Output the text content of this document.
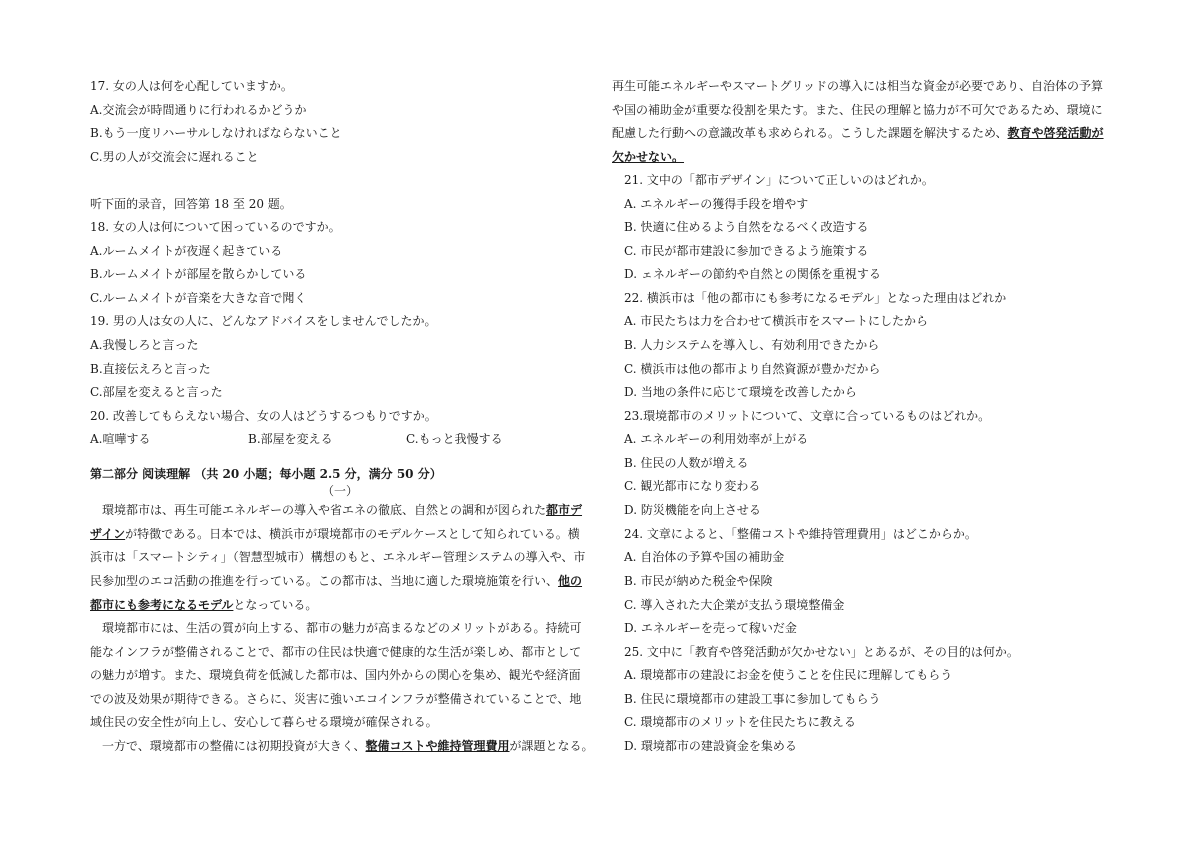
17. 女の人は何を心配していますか。
A.交流会が時間通りに行われるかどうか
B.もう一度リハーサルしなければならないこと
C.男の人が交流会に遅れること
听下面的录音，回答第 18 至 20 题。
18. 女の人は何について困っているのですか。
A.ルームメイトが夜遅く起きている
B.ルームメイトが部屋を散らかしている
C.ルームメイトが音楽を大きな音で聞く
19. 男の人は女の人に、どんなアドバイスをしませんでしたか。
A.我慢しろと言った
B.直接伝えろと言った
C.部屋を変えると言った
20. 改善してもらえない場合、女の人はどうするつもりですか。
A.喧嘩する	B.部屋を変える	C.もっと我慢する
第二部分 阅读理解 （共 20 小题；每小题 2.5 分，满分 50 分）
（一）
　環境都市は、再生可能エネルギーの導入や省エネの徹底、自然との調和が図られた都市デ
ザインが特徴である。日本では、横浜市が環境都市のモデルケースとして知られている。横
浜市は「スマートシティ」（智慧型城市）構想のもと、エネルギー管理システムの導入や、市
民参加型のエコ活動の推進を行っている。この都市は、当地に適した環境施策を行い、他の
都市にも参考になるモデルとなっている。
　環境都市には、生活の質が向上する、都市の魅力が高まるなどのメリットがある。持続可
能なインフラが整備されることで、都市の住民は快適で健康的な生活が楽しめ、都市として
の魅力が増す。また、環境負荷を低減した都市は、国内外からの関心を集め、観光や経済面
での波及効果が期待できる。さらに、災害に強いエコインフラが整備されていることで、地
域住民の安全性が向上し、安心して暮らせる環境が確保される。
　一方で、環境都市の整備には初期投資が大きく、整備コストや維持管理費用が課題となる。
再生可能エネルギーやスマートグリッドの導入には相当な資金が必要であり、自治体の予算
や国の補助金が重要な役割を果たす。また、住民の理解と協力が不可欠であるため、環境に
配慮した行動への意識改革も求められる。こうした課題を解決するため、教育や啓発活動が
欠かせない。
21. 文中の「都市デザイン」について正しいのはどれか。
A. エネルギーの獲得手段を増やす
B. 快適に住めるよう自然をなるべく改造する
C. 市民が都市建設に参加できるよう施策する
D. ェネルギーの節約や自然との関係を重視する
22. 横浜市は「他の都市にも参考になるモデル」となった理由はどれか
A. 市民たちは力を合わせて横浜市をスマートにしたから
B. 人力システムを導入し、有効利用できたから
C. 横浜市は他の都市より自然資源が豊かだから
D. 当地の条件に応じて環境を改善したから
23.環境都市のメリットについて、文章に合っているものはどれか。
A. エネルギーの利用効率が上がる
B. 住民の人数が増える
C. 観光都市になり変わる
D. 防災機能を向上させる
24. 文章によると、「整備コストや維持管理費用」はどこからか。
A. 自治体の予算や国の補助金
B. 市民が納めた税金や保険
C. 導入された大企業が支払う環境整備金
D. エネルギーを売って稼いだ金
25. 文中に「教育や啓発活動が欠かせない」とあるが、その目的は何か。
A. 環境都市の建設にお金を使うことを住民に理解してもらう
B. 住民に環境都市の建設工事に参加してもらう
C. 環境都市のメリットを住民たちに教える
D. 環境都市の建設資金を集める
